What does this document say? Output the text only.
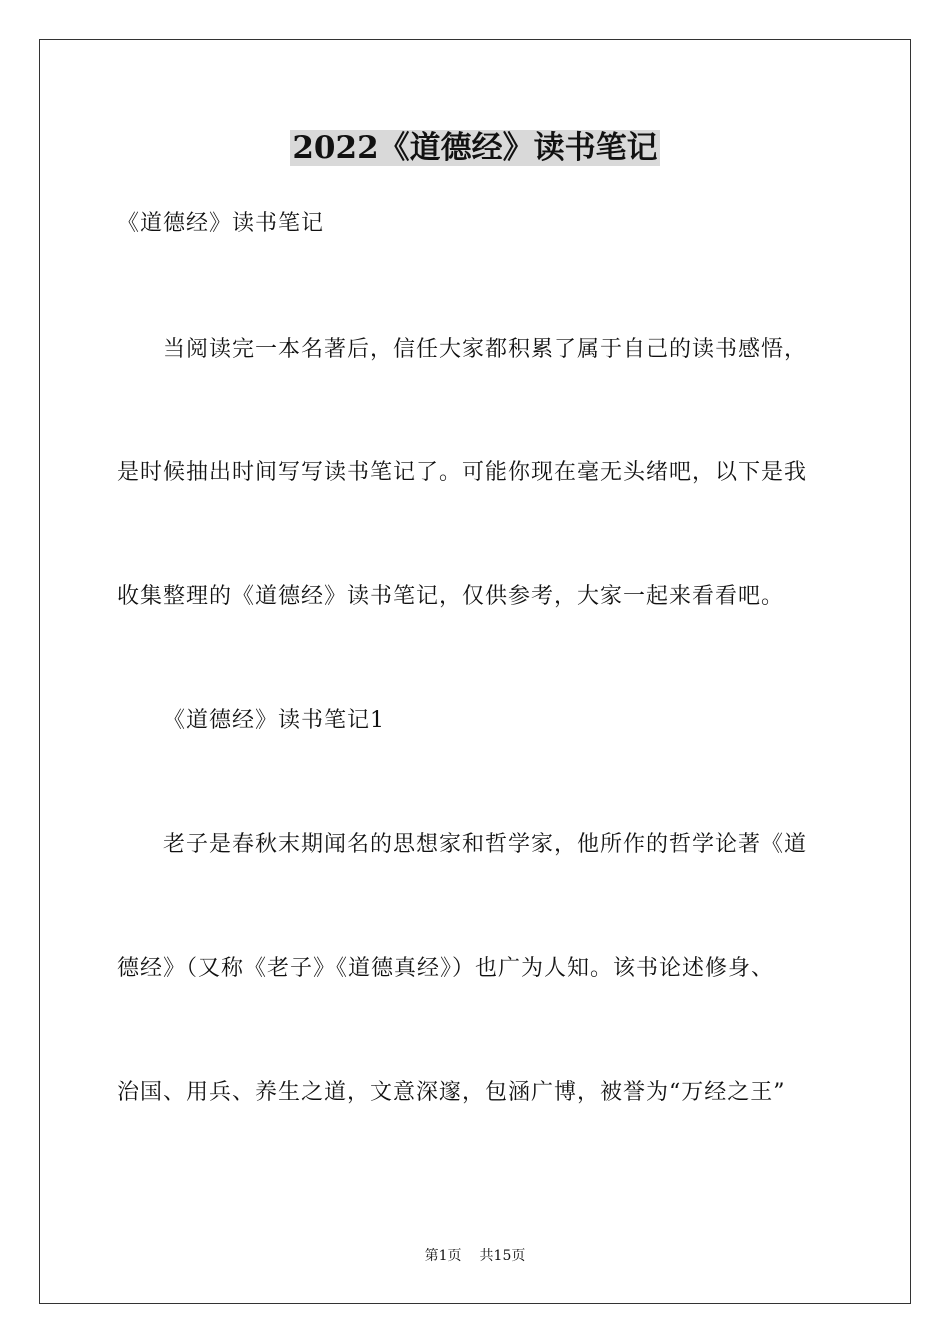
2022《道德经》读书笔记
《道德经》读书笔记
当阅读完一本名著后，信任大家都积累了属于自己的读书感悟，
是时候抽出时间写写读书笔记了。可能你现在毫无头绪吧，以下是我
收集整理的《道德经》读书笔记，仅供参考，大家一起来看看吧。
《道德经》读书笔记1
老子是春秋末期闻名的思想家和哲学家，他所作的哲学论著《道
德经》（又称《老子》《道德真经》）也广为人知。该书论述修身、
治国、用兵、养生之道，文意深邃，包涵广博，被誉为“万经之王”
第1页 共15页
